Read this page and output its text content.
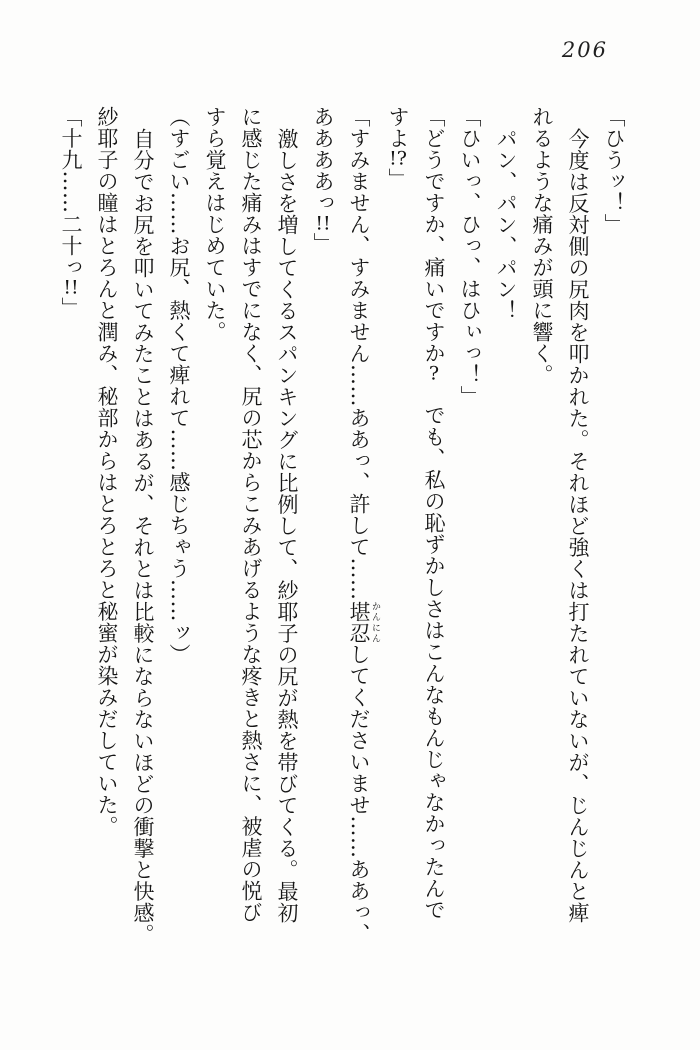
206
「ひうッ！」
今度は反対側の尻肉を叩かれた。それほど強くは打たれていないが、じんじんと痺
れるような痛みが頭に響く。
パン、パン、パン！
「ひいっ、ひっ、はひぃっ！」
「どうですか、痛いですか?　でも、私の恥ずかしさはこんなもんじゃなかったんで
すよ!?」
「すみません、すみません……ああっ、許して……堪忍 かんにんしてくださいませ……ああっ、
ああああっ!!」
激しさを増してくるスパンキングに比例して、紗耶子の尻が熱を帯びてくる。最初
に感じた痛みはすでになく、尻の芯からこみあげるような疼きと熱さに、被虐の悦び
すら覚えはじめていた。
（すごい……お尻、熱くて痺れて……感じちゃう……ッ）
自分でお尻を叩いてみたことはあるが、それとは比較にならないほどの衝撃と快感。
紗耶子の瞳はとろんと潤み、秘部からはとろとろと秘蜜が染みだしていた。
「十九……二十っ!!」
